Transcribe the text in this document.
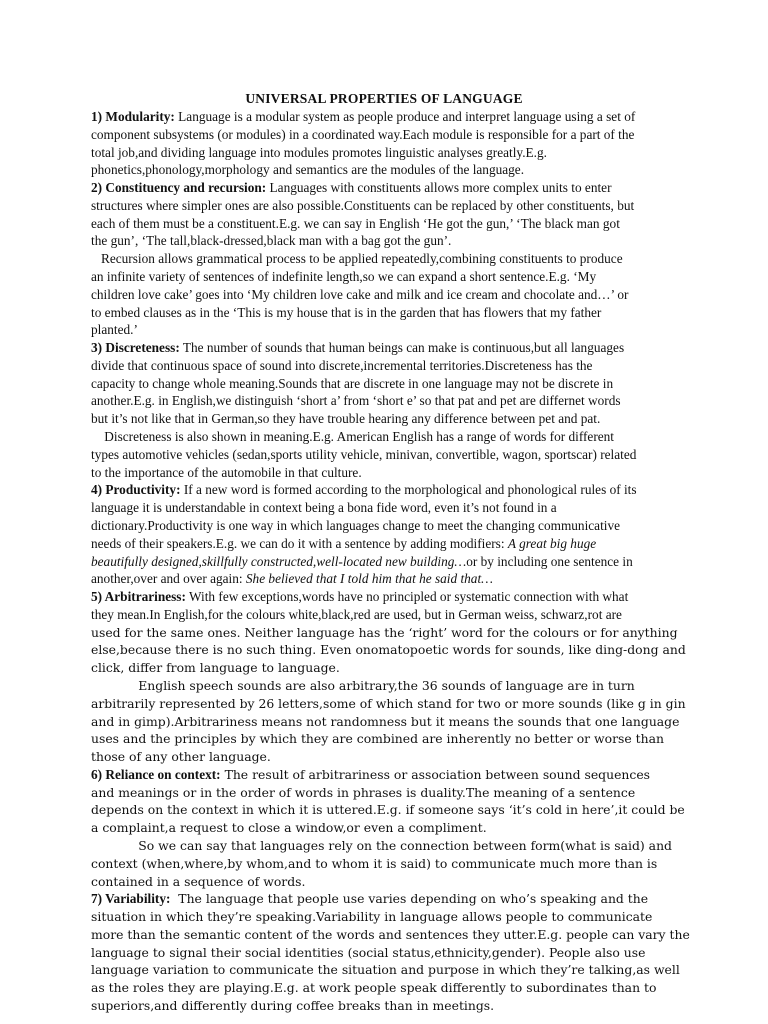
UNIVERSAL PROPERTIES OF LANGUAGE
1) Modularity: Language is a modular system as people produce and interpret language using a set of
component subsystems (or modules) in a coordinated way.Each module is responsible for a part of the
total job,and dividing language into modules promotes linguistic analyses greatly.E.g.
phonetics,phonology,morphology and semantics are the modules of the language.
2) Constituency and recursion: Languages with constituents allows more complex units to enter
structures where simpler ones are also possible.Constituents can be replaced by other constituents, but
each of them must be a constituent.E.g. we can say in English ‘He got the gun,’ ‘The black man got
the gun’, ‘The tall,black-dressed,black man with a bag got the gun’.
Recursion allows grammatical process to be applied repeatedly,combining constituents to produce
an infinite variety of sentences of indefinite length,so we can expand a short sentence.E.g. ‘My
children love cake’ goes into ‘My children love cake and milk and ice cream and chocolate and…’ or
to embed clauses as in the ‘This is my house that is in the garden that has flowers that my father
planted.’
3) Discreteness: The number of sounds that human beings can make is continuous,but all languages
divide that continuous space of sound into discrete,incremental territories.Discreteness has the
capacity to change whole meaning.Sounds that are discrete in one language may not be discrete in
another.E.g. in English,we distinguish ‘short a’ from ‘short e’ so that pat and pet are differnet words
but it’s not like that in German,so they have trouble hearing any difference between pet and pat.
Discreteness is also shown in meaning.E.g. American English has a range of words for different
types automotive vehicles (sedan,sports utility vehicle, minivan, convertible, wagon, sportscar) related
to the importance of the automobile in that culture.
4) Productivity: If a new word is formed according to the morphological and phonological rules of its
language it is understandable in context being a bona fide word, even it’s not found in a
dictionary.Productivity is one way in which languages change to meet the changing communicative
needs of their speakers.E.g. we can do it with a sentence by adding modifiers: A great big huge
beautifully designed,skillfully constructed,well-located new building…or by including one sentence in
another,over and over again: She believed that I told him that he said that…
5) Arbitrariness: With few exceptions,words have no principled or systematic connection with what
they mean.In English,for the colours white,black,red are used, but in German weiss, schwarz,rot are
used for the same ones. Neither language has the ‘right’ word for the colours or for anything
else,because there is no such thing. Even onomatopoetic words for sounds, like ding-dong and
click, differ from language to language.
English speech sounds are also arbitrary,the 36 sounds of language are in turn
arbitrarily represented by 26 letters,some of which stand for two or more sounds (like g in gin
and in gimp).Arbitrariness means not randomness but it means the sounds that one language
uses and the principles by which they are combined are inherently no better or worse than
those of any other language.
6) Reliance on context: The result of arbitrariness or association between sound sequences
and meanings or in the order of words in phrases is duality.The meaning of a sentence
depends on the context in which it is uttered.E.g. if someone says ‘it’s cold in here’,it could be
a complaint,a request to close a window,or even a compliment.
So we can say that languages rely on the connection between form(what is said) and
context (when,where,by whom,and to whom it is said) to communicate much more than is
contained in a sequence of words.
7) Variability:  The language that people use varies depending on who’s speaking and the
situation in which they’re speaking.Variability in language allows people to communicate
more than the semantic content of the words and sentences they utter.E.g. people can vary the
language to signal their social identities (social status,ethnicity,gender). People also use
language variation to communicate the situation and purpose in which they’re talking,as well
as the roles they are playing.E.g. at work people speak differently to subordinates than to
superiors,and differently during coffee breaks than in meetings.
